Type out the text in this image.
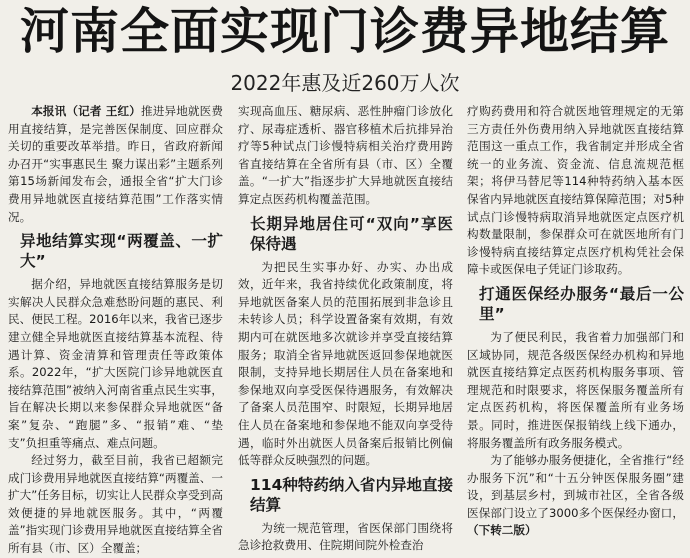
河南全面实现门诊费异地结算
2022年惠及近260万人次

本报讯（记者 王红）推进异地就医费用直接结算，是完善医保制度、回应群众关切的重要改革举措。昨日，省政府新闻办召开“实事惠民生 聚力谋出彩”主题系列第15场新闻发布会，通报全省“扩大门诊费用异地就医直接结算范围”工作落实情况。

异地结算实现“两覆盖、一扩大”

据介绍，异地就医直接结算服务是切实解决人民群众急难愁盼问题的惠民、利民、便民工程。2016年以来，我省已逐步建立健全异地就医直接结算基本流程、待遇计算、资金清算和管理责任等政策体系。2022年，“扩大医院门诊异地就医直接结算范围”被纳入河南省重点民生实事，旨在解决长期以来参保群众异地就医“备案”复杂、“跑腿”多、“报销”难、“垫支”负担重等痛点、难点问题。

经过努力，截至目前，我省已超额完成门诊费用异地就医直接结算“两覆盖、一扩大”任务目标，切实让人民群众享受到高效便捷的异地就医服务。其中，“两覆盖”指实现门诊费用异地就医直接结算全省所有县（市、区）全覆盖；

实现高血压、糖尿病、恶性肿瘤门诊放化疗、尿毒症透析、器官移植术后抗排异治疗等5种试点门诊慢特病相关治疗费用跨省直接结算在全省所有县（市、区）全覆盖。“一扩大”指逐步扩大异地就医直接结算定点医药机构覆盖范围。

长期异地居住可“双向”享医保待遇

为把民生实事办好、办实、办出成效，近年来，我省持续优化政策制度，将异地就医备案人员的范围拓展到非急诊且未转诊人员；科学设置备案有效期，有效期内可在就医地多次就诊并享受直接结算服务；取消全省异地就医返回参保地就医限制，支持异地长期居住人员在备案地和参保地双向享受医保待遇服务，有效解决了备案人员范围窄、时限短，长期异地居住人员在备案地和参保地不能双向享受待遇，临时外出就医人员备案后报销比例偏低等群众反映强烈的问题。

114种特药纳入省内异地直接结算

为统一规范管理，省医保部门围绕将急诊抢救费用、住院期间院外检查治

疗购药费用和符合就医地管理规定的无第三方责任外伤费用纳入异地就医直接结算范围这一重点工作，我省制定并形成全省统一的业务流、资金流、信息流规范框架；将伊马替尼等114种特药纳入基本医保省内异地就医直接结算保障范围；对5种试点门诊慢特病取消异地就医定点医疗机构数量限制，参保群众可在就医地所有门诊慢特病直接结算定点医疗机构凭社会保障卡或医保电子凭证门诊取药。

打通医保经办服务“最后一公里”

为了便民利民，我省着力加强部门和区域协同，规范各级医保经办机构和异地就医直接结算定点医药机构服务事项、管理规范和时限要求，将医保服务覆盖所有定点医药机构，将医保覆盖所有业务场景。同时，推进医保报销线上线下通办，将服务覆盖所有政务服务模式。

为了能够办服务便捷化，全省推行“经办服务下沉”和“十五分钟医保服务圈”建设，到基层乡村，到城市社区，全省各级医保部门设立了3000多个医保经办窗口，（下转二版）
